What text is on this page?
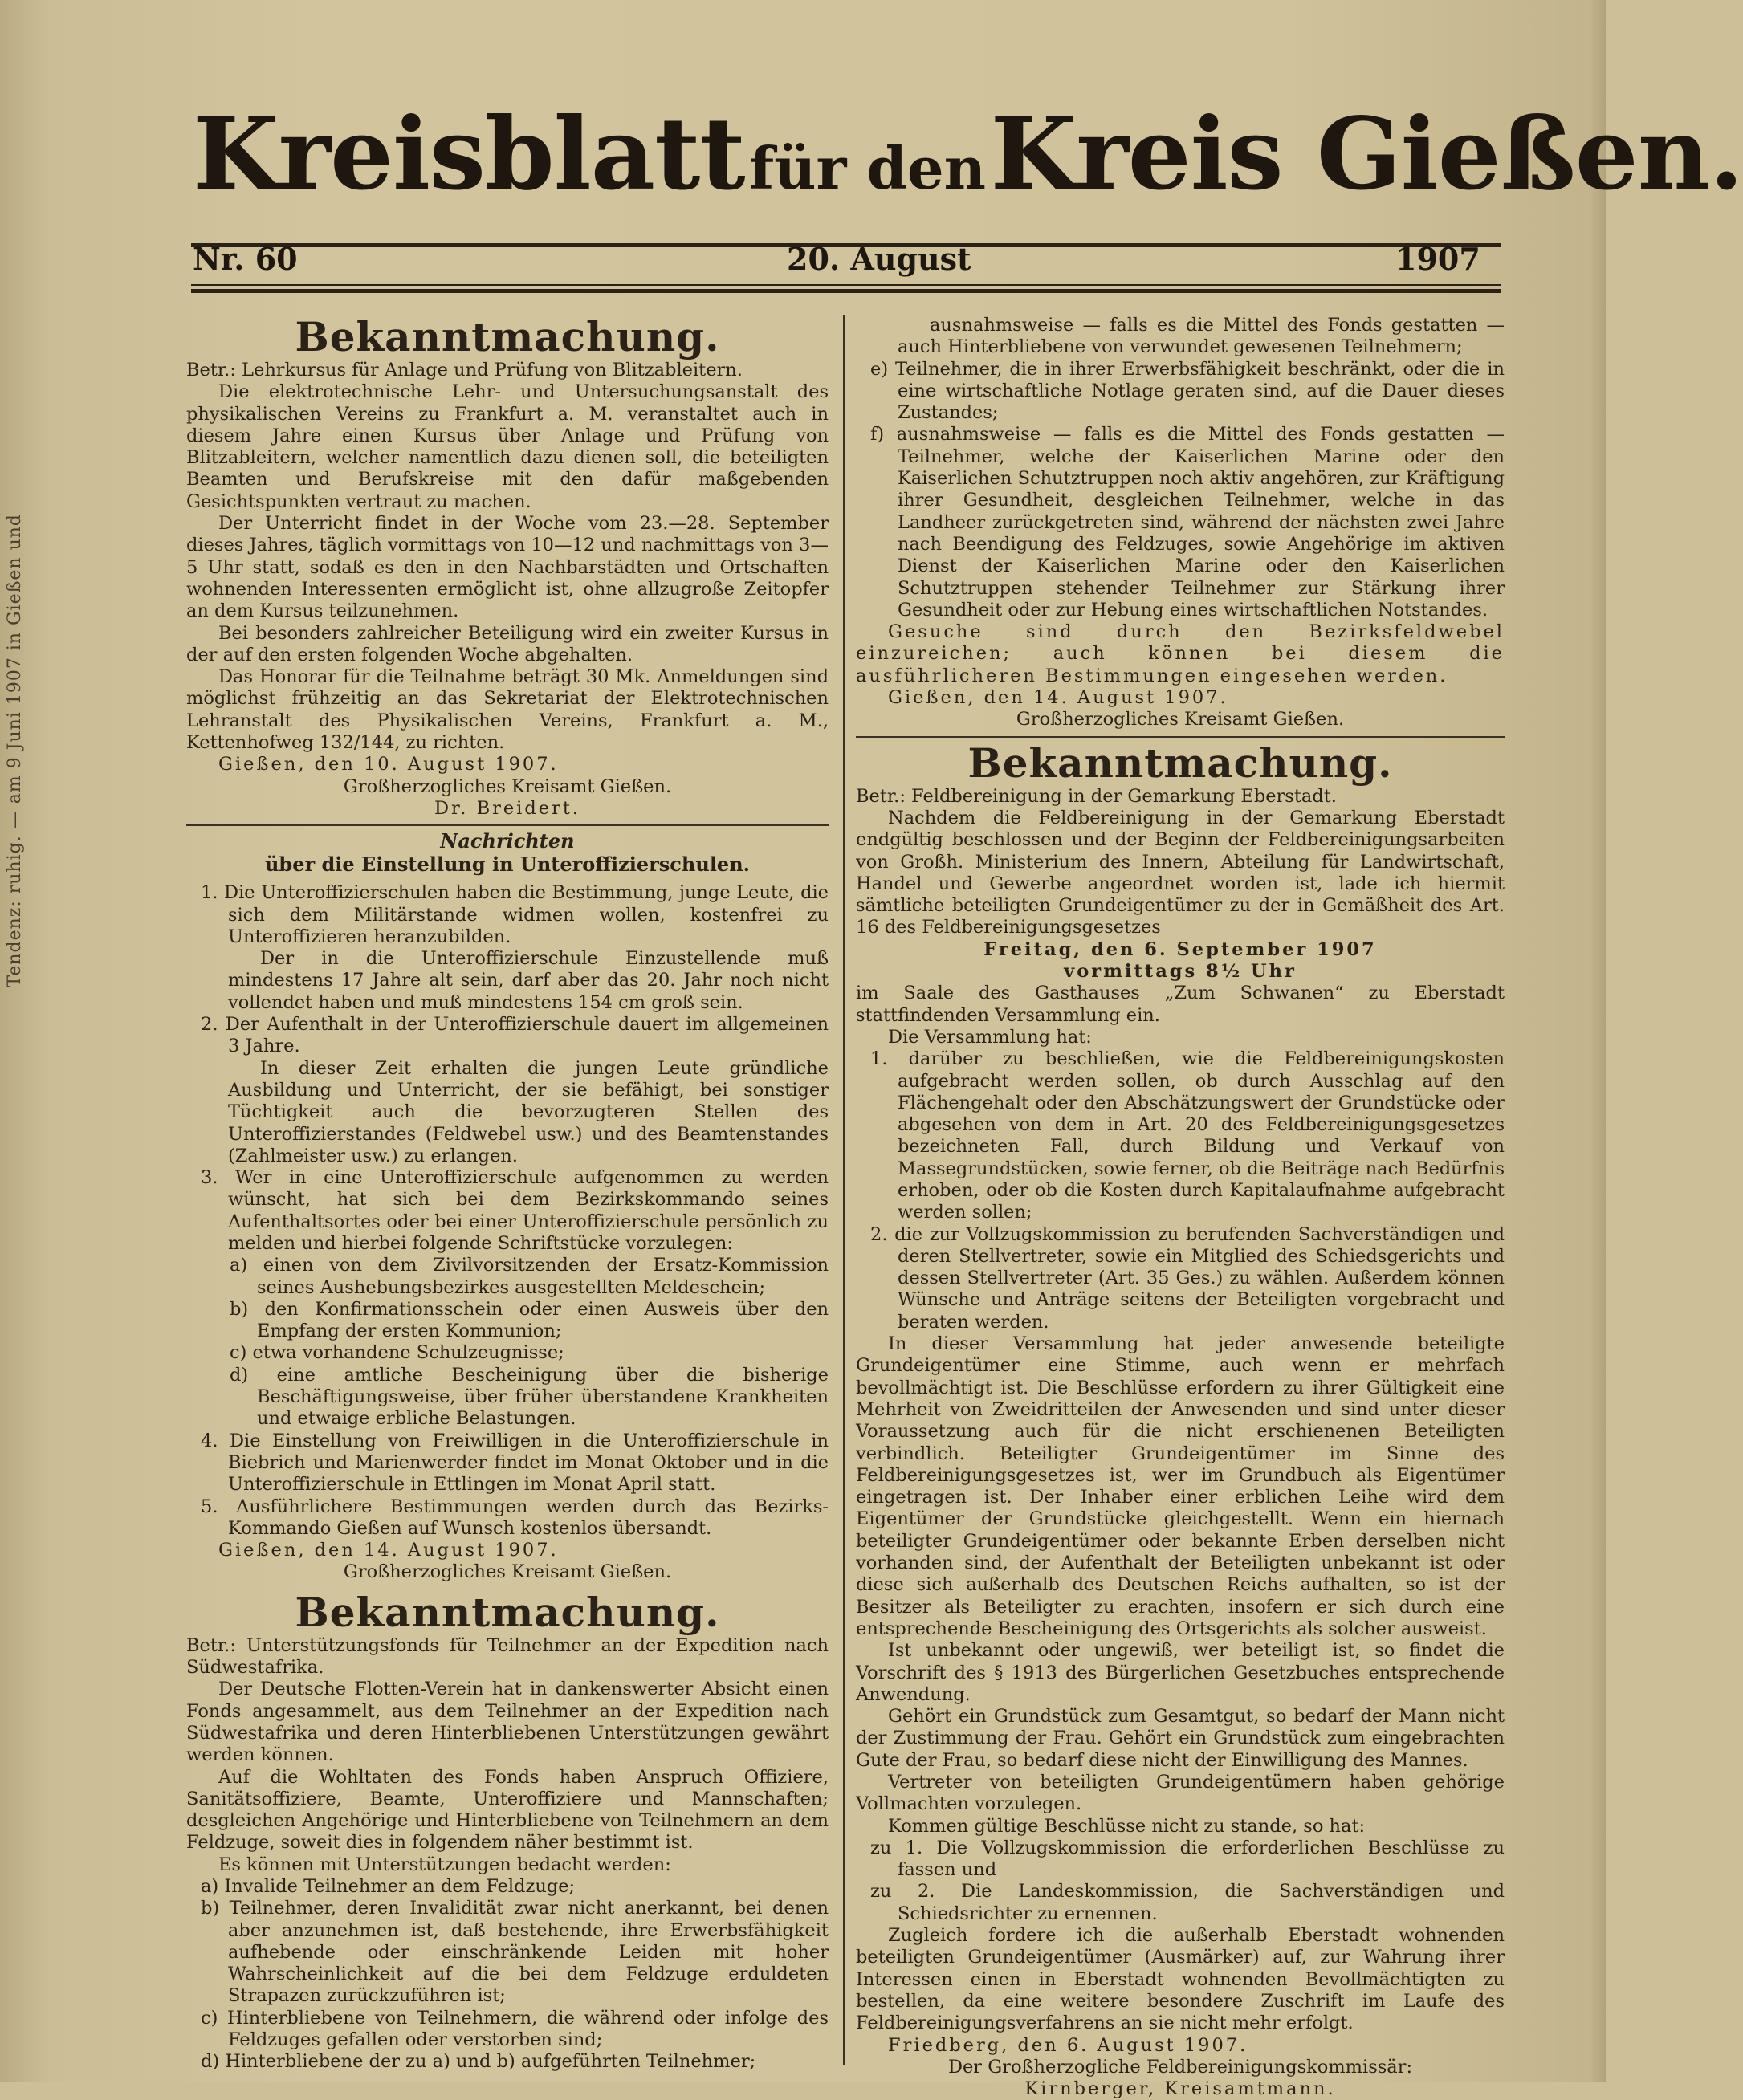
Tendenz: ruhig. — am 9 Juni 1907 in Gießen und
Kreisblatt für den Kreis Gießen.
Nr. 60	20. August	1907

Bekanntmachung.

Betr.: Lehrkursus für Anlage und Prüfung von Blitzableitern.

Die elektrotechnische Lehr- und Untersuchungsanstalt des physikalischen Vereins zu Frankfurt a. M. veranstaltet auch in diesem Jahre einen Kursus über Anlage und Prüfung von Blitzableitern, welcher namentlich dazu dienen soll, die beteiligten Beamten und Berufskreise mit den dafür maßgebenden Gesichtspunkten vertraut zu machen.

Der Unterricht findet in der Woche vom 23.—28. September dieses Jahres, täglich vormittags von 10—12 und nachmittags von 3—5 Uhr statt, sodaß es den in den Nachbarstädten und Ortschaften wohnenden Interessenten ermöglicht ist, ohne allzugroße Zeitopfer an dem Kursus teilzunehmen.

Bei besonders zahlreicher Beteiligung wird ein zweiter Kursus in der auf den ersten folgenden Woche abgehalten.

Das Honorar für die Teilnahme beträgt 30 Mk. Anmeldungen sind möglichst frühzeitig an das Sekretariat der Elektrotechnischen Lehranstalt des Physikalischen Vereins, Frankfurt a. M., Kettenhofweg 132/144, zu richten.

Gießen, den 10. August 1907.

Großherzogliches Kreisamt Gießen.

Dr. Breidert.

Nachrichten

über die Einstellung in Unteroffizierschulen.

1. Die Unteroffizierschulen haben die Bestimmung, junge Leute, die sich dem Militärstande widmen wollen, kostenfrei zu Unteroffizieren heranzubilden.

Der in die Unteroffizierschule Einzustellende muß mindestens 17 Jahre alt sein, darf aber das 20. Jahr noch nicht vollendet haben und muß mindestens 154 cm groß sein.

2. Der Aufenthalt in der Unteroffizierschule dauert im allgemeinen 3 Jahre.

In dieser Zeit erhalten die jungen Leute gründliche Ausbildung und Unterricht, der sie befähigt, bei sonstiger Tüchtigkeit auch die bevorzugteren Stellen des Unteroffizierstandes (Feldwebel usw.) und des Beamtenstandes (Zahlmeister usw.) zu erlangen.

3. Wer in eine Unteroffizierschule aufgenommen zu werden wünscht, hat sich bei dem Bezirkskommando seines Aufenthaltsortes oder bei einer Unteroffizierschule persönlich zu melden und hierbei folgende Schriftstücke vorzulegen:

a) einen von dem Zivilvorsitzenden der Ersatz-Kommission seines Aushebungsbezirkes ausgestellten Meldeschein;

b) den Konfirmationsschein oder einen Ausweis über den Empfang der ersten Kommunion;

c) etwa vorhandene Schulzeugnisse;

d) eine amtliche Bescheinigung über die bisherige Beschäftigungsweise, über früher überstandene Krankheiten und etwaige erbliche Belastungen.

4. Die Einstellung von Freiwilligen in die Unteroffizierschule in Biebrich und Marienwerder findet im Monat Oktober und in die Unteroffizierschule in Ettlingen im Monat April statt.

5. Ausführlichere Bestimmungen werden durch das Bezirks-Kommando Gießen auf Wunsch kostenlos übersandt.

Gießen, den 14. August 1907.

Großherzogliches Kreisamt Gießen.

Bekanntmachung.

Betr.: Unterstützungsfonds für Teilnehmer an der Expedition nach Südwestafrika.

Der Deutsche Flotten-Verein hat in dankenswerter Absicht einen Fonds angesammelt, aus dem Teilnehmer an der Expedition nach Südwestafrika und deren Hinterbliebenen Unterstützungen gewährt werden können.

Auf die Wohltaten des Fonds haben Anspruch Offiziere, Sanitätsoffiziere, Beamte, Unteroffiziere und Mannschaften; desgleichen Angehörige und Hinterbliebene von Teilnehmern an dem Feldzuge, soweit dies in folgendem näher bestimmt ist.

Es können mit Unterstützungen bedacht werden:

a) Invalide Teilnehmer an dem Feldzuge;

b) Teilnehmer, deren Invalidität zwar nicht anerkannt, bei denen aber anzunehmen ist, daß bestehende, ihre Erwerbsfähigkeit aufhebende oder einschränkende Leiden mit hoher Wahrscheinlichkeit auf die bei dem Feldzuge erduldeten Strapazen zurückzuführen ist;

c) Hinterbliebene von Teilnehmern, die während oder infolge des Feldzuges gefallen oder verstorben sind;

d) Hinterbliebene der zu a) und b) aufgeführten Teilnehmer;

ausnahmsweise — falls es die Mittel des Fonds gestatten — auch Hinterbliebene von verwundet gewesenen Teilnehmern;

e) Teilnehmer, die in ihrer Erwerbsfähigkeit beschränkt, oder die in eine wirtschaftliche Notlage geraten sind, auf die Dauer dieses Zustandes;

f) ausnahmsweise — falls es die Mittel des Fonds gestatten — Teilnehmer, welche der Kaiserlichen Marine oder den Kaiserlichen Schutztruppen noch aktiv angehören, zur Kräftigung ihrer Gesundheit, desgleichen Teilnehmer, welche in das Landheer zurückgetreten sind, während der nächsten zwei Jahre nach Beendigung des Feldzuges, sowie Angehörige im aktiven Dienst der Kaiserlichen Marine oder den Kaiserlichen Schutztruppen stehender Teilnehmer zur Stärkung ihrer Gesundheit oder zur Hebung eines wirtschaftlichen Notstandes.

Gesuche sind durch den Bezirksfeldwebel einzureichen; auch können bei diesem die ausführlicheren Bestimmungen eingesehen werden.

Gießen, den 14. August 1907.

Großherzogliches Kreisamt Gießen.

Bekanntmachung.

Betr.: Feldbereinigung in der Gemarkung Eberstadt.

Nachdem die Feldbereinigung in der Gemarkung Eberstadt endgültig beschlossen und der Beginn der Feldbereinigungsarbeiten von Großh. Ministerium des Innern, Abteilung für Landwirtschaft, Handel und Gewerbe angeordnet worden ist, lade ich hiermit sämtliche beteiligten Grundeigentümer zu der in Gemäßheit des Art. 16 des Feldbereinigungsgesetzes

Freitag, den 6. September 1907

vormittags 8½ Uhr

im Saale des Gasthauses „Zum Schwanen“ zu Eberstadt stattfindenden Versammlung ein.

Die Versammlung hat:

1. darüber zu beschließen, wie die Feldbereinigungskosten aufgebracht werden sollen, ob durch Ausschlag auf den Flächengehalt oder den Abschätzungswert der Grundstücke oder abgesehen von dem in Art. 20 des Feldbereinigungsgesetzes bezeichneten Fall, durch Bildung und Verkauf von Massegrundstücken, sowie ferner, ob die Beiträge nach Bedürfnis erhoben, oder ob die Kosten durch Kapitalaufnahme aufgebracht werden sollen;

2. die zur Vollzugskommission zu berufenden Sachverständigen und deren Stellvertreter, sowie ein Mitglied des Schiedsgerichts und dessen Stellvertreter (Art. 35 Ges.) zu wählen. Außerdem können Wünsche und Anträge seitens der Beteiligten vorgebracht und beraten werden.

In dieser Versammlung hat jeder anwesende beteiligte Grundeigentümer eine Stimme, auch wenn er mehrfach bevollmächtigt ist. Die Beschlüsse erfordern zu ihrer Gültigkeit eine Mehrheit von Zweidritteilen der Anwesenden und sind unter dieser Voraussetzung auch für die nicht erschienenen Beteiligten verbindlich. Beteiligter Grundeigentümer im Sinne des Feldbereinigungsgesetzes ist, wer im Grundbuch als Eigentümer eingetragen ist. Der Inhaber einer erblichen Leihe wird dem Eigentümer der Grundstücke gleichgestellt. Wenn ein hiernach beteiligter Grundeigentümer oder bekannte Erben derselben nicht vorhanden sind, der Aufenthalt der Beteiligten unbekannt ist oder diese sich außerhalb des Deutschen Reichs aufhalten, so ist der Besitzer als Beteiligter zu erachten, insofern er sich durch eine entsprechende Bescheinigung des Ortsgerichts als solcher ausweist.

Ist unbekannt oder ungewiß, wer beteiligt ist, so findet die Vorschrift des § 1913 des Bürgerlichen Gesetzbuches entsprechende Anwendung.

Gehört ein Grundstück zum Gesamtgut, so bedarf der Mann nicht der Zustimmung der Frau. Gehört ein Grundstück zum eingebrachten Gute der Frau, so bedarf diese nicht der Einwilligung des Mannes.

Vertreter von beteiligten Grundeigentümern haben gehörige Vollmachten vorzulegen.

Kommen gültige Beschlüsse nicht zu stande, so hat:

zu 1. Die Vollzugskommission die erforderlichen Beschlüsse zu fassen und

zu 2. Die Landeskommission, die Sachverständigen und Schiedsrichter zu ernennen.

Zugleich fordere ich die außerhalb Eberstadt wohnenden beteiligten Grundeigentümer (Ausmärker) auf, zur Wahrung ihrer Interessen einen in Eberstadt wohnenden Bevollmächtigten zu bestellen, da eine weitere besondere Zuschrift im Laufe des Feldbereinigungsverfahrens an sie nicht mehr erfolgt.

Friedberg, den 6. August 1907.

Der Großherzogliche Feldbereinigungskommissär:

Kirnberger, Kreisamtmann.
